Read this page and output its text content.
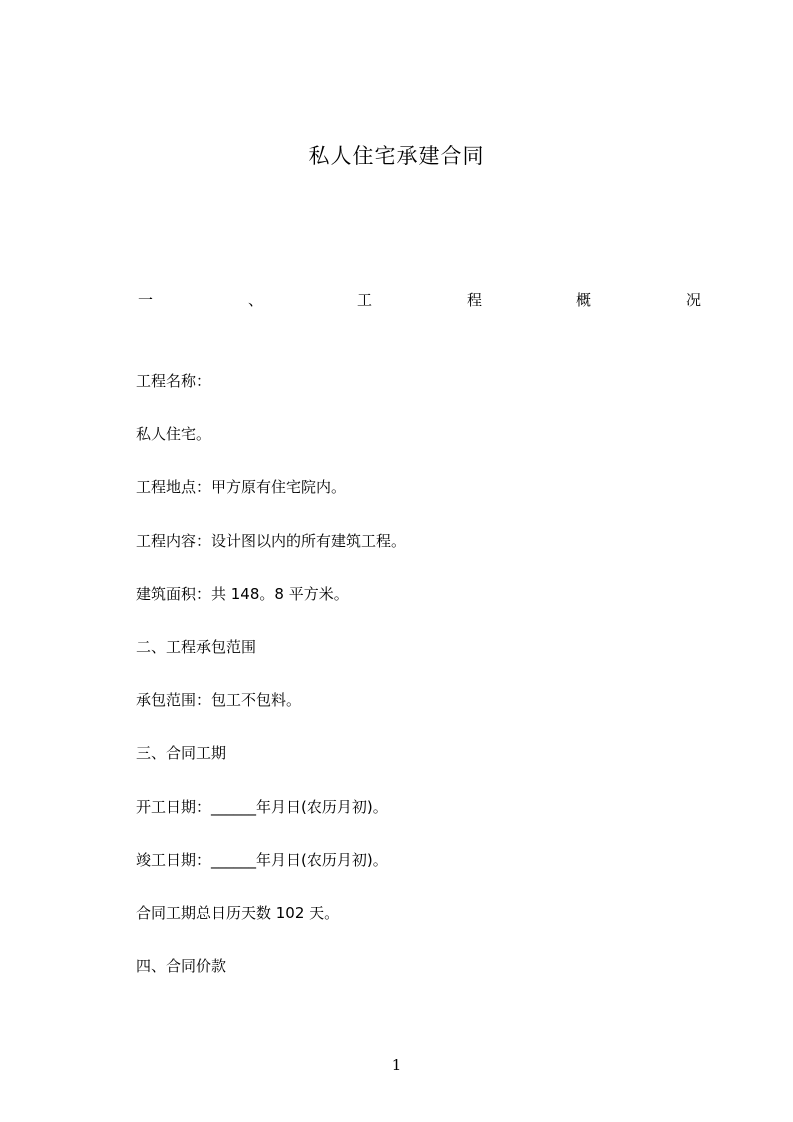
私人住宅承建合同
一	、	工	程	概	况
工程名称：
私人住宅。
工程地点：甲方原有住宅院内。
工程内容：设计图以内的所有建筑工程。
建筑面积：共 148。8 平方米。
二、工程承包范围
承包范围：包工不包料。
三、合同工期
开工日期：______年月日(农历月初)。
竣工日期：______年月日(农历月初)。
合同工期总日历天数 102 天。
四、合同价款
1
